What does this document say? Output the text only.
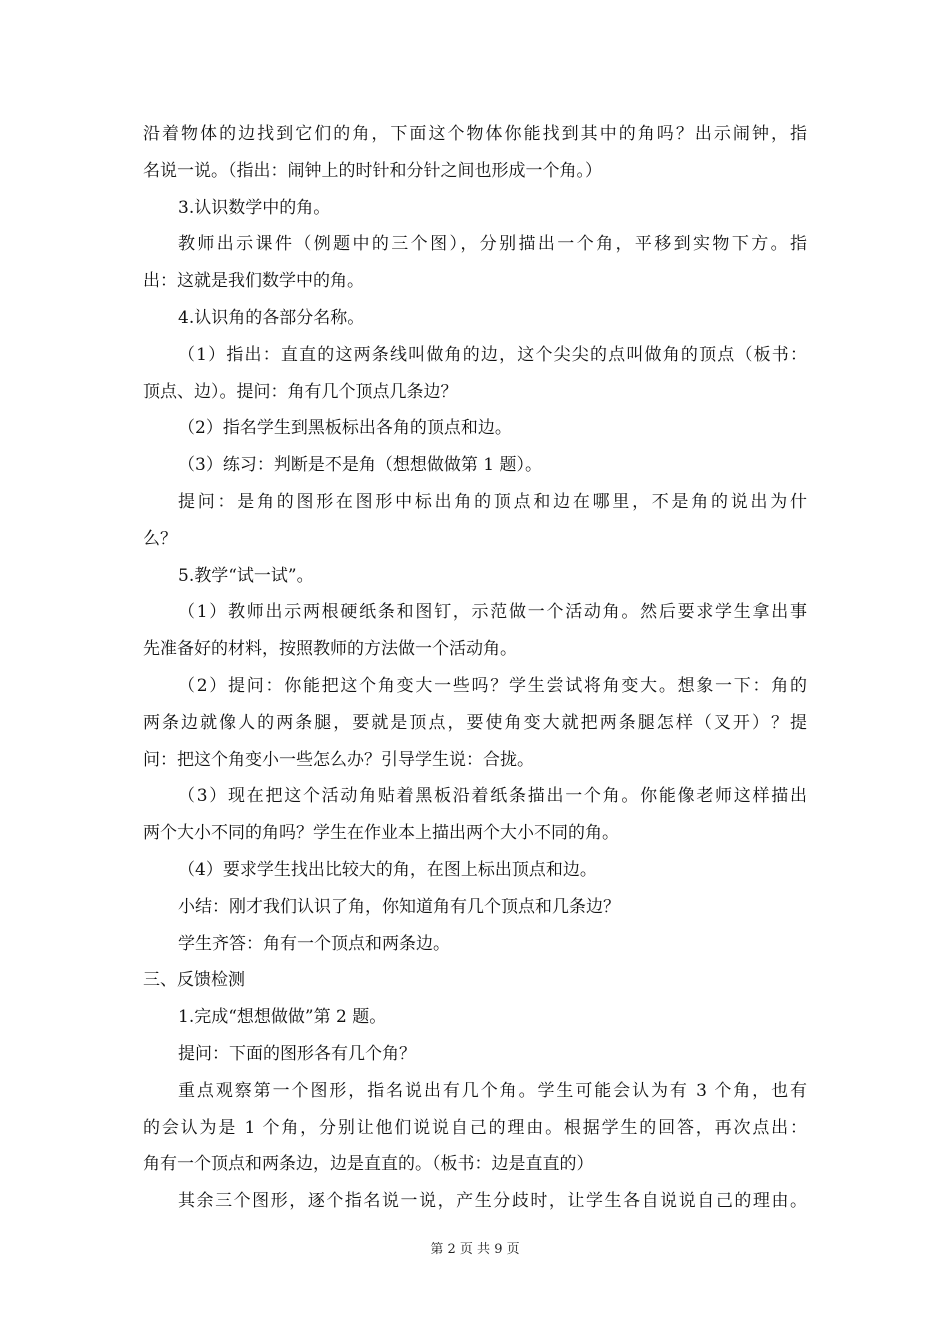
沿着物体的边找到它们的角，下面这个物体你能找到其中的角吗？出示闹钟，指
名说一说。（指出：闹钟上的时针和分针之间也形成一个角。）
3.认识数学中的角。
教师出示课件（例题中的三个图），分别描出一个角，平移到实物下方。指
出：这就是我们数学中的角。
4.认识角的各部分名称。
（1）指出：直直的这两条线叫做角的边，这个尖尖的点叫做角的顶点（板书：
顶点、边）。提问：角有几个顶点几条边？
（2）指名学生到黑板标出各角的顶点和边。
（3）练习：判断是不是角（想想做做第 1 题）。
提问：是角的图形在图形中标出角的顶点和边在哪里，不是角的说出为什
么？
5.教学“试一试”。
（1）教师出示两根硬纸条和图钉，示范做一个活动角。然后要求学生拿出事
先准备好的材料，按照教师的方法做一个活动角。
（2）提问：你能把这个角变大一些吗？学生尝试将角变大。想象一下：角的
两条边就像人的两条腿，要就是顶点，要使角变大就把两条腿怎样（叉开）？提
问：把这个角变小一些怎么办？引导学生说：合拢。
（3）现在把这个活动角贴着黑板沿着纸条描出一个角。你能像老师这样描出
两个大小不同的角吗？学生在作业本上描出两个大小不同的角。
（4）要求学生找出比较大的角，在图上标出顶点和边。
小结：刚才我们认识了角，你知道角有几个顶点和几条边？
学生齐答：角有一个顶点和两条边。
三、反馈检测
1.完成“想想做做”第 2 题。
提问：下面的图形各有几个角？
重点观察第一个图形，指名说出有几个角。学生可能会认为有 3 个角，也有
的会认为是 1 个角，分别让他们说说自己的理由。根据学生的回答，再次点出：
角有一个顶点和两条边，边是直直的。（板书：边是直直的）
其余三个图形，逐个指名说一说，产生分歧时，让学生各自说说自己的理由。
第 2 页 共 9 页
